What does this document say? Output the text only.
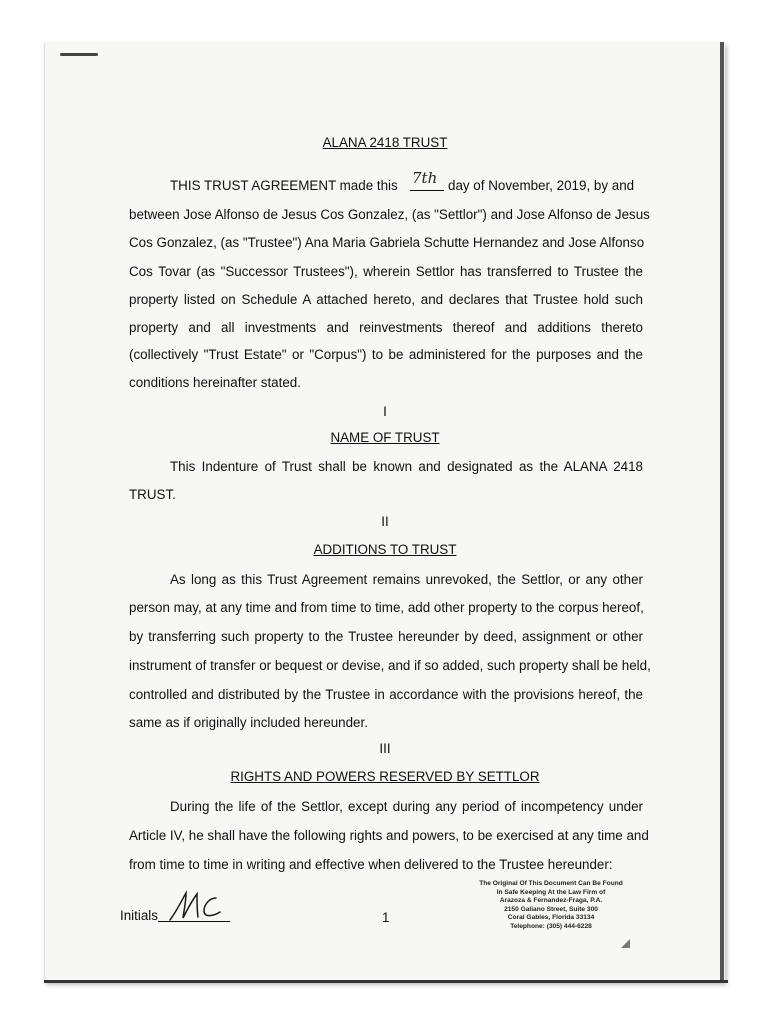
ALANA 2418 TRUST
THIS TRUST AGREEMENT made this 7th day of November, 2019, by and
between Jose Alfonso de Jesus Cos Gonzalez, (as "Settlor") and Jose Alfonso de Jesus
Cos Gonzalez, (as "Trustee") Ana Maria Gabriela Schutte Hernandez and Jose Alfonso
Cos Tovar (as "Successor Trustees"), wherein Settlor has transferred to Trustee the
property listed on Schedule A attached hereto, and declares that Trustee hold such
property and all investments and reinvestments thereof and additions thereto
(collectively "Trust Estate" or "Corpus") to be administered for the purposes and the
conditions hereinafter stated.
I
NAME OF TRUST
This Indenture of Trust shall be known and designated as the ALANA 2418
TRUST.
II
ADDITIONS TO TRUST
As long as this Trust Agreement remains unrevoked, the Settlor, or any other
person may, at any time and from time to time, add other property to the corpus hereof,
by transferring such property to the Trustee hereunder by deed, assignment or other
instrument of transfer or bequest or devise, and if so added, such property shall be held,
controlled and distributed by the Trustee in accordance with the provisions hereof, the
same as if originally included hereunder.
III
RIGHTS AND POWERS RESERVED BY SETTLOR
During the life of the Settlor, except during any period of incompetency under
Article IV, he shall have the following rights and powers, to be exercised at any time and
from time to time in writing and effective when delivered to the Trustee hereunder:
Initials	1
The Original Of This Document Can Be Found
In Safe Keeping At the Law Firm of
Arazoza & Fernandez-Fraga, P.A.
2150 Galiano Street, Suite 300
Coral Gables, Florida 33134
Telephone: (305) 444-6228
